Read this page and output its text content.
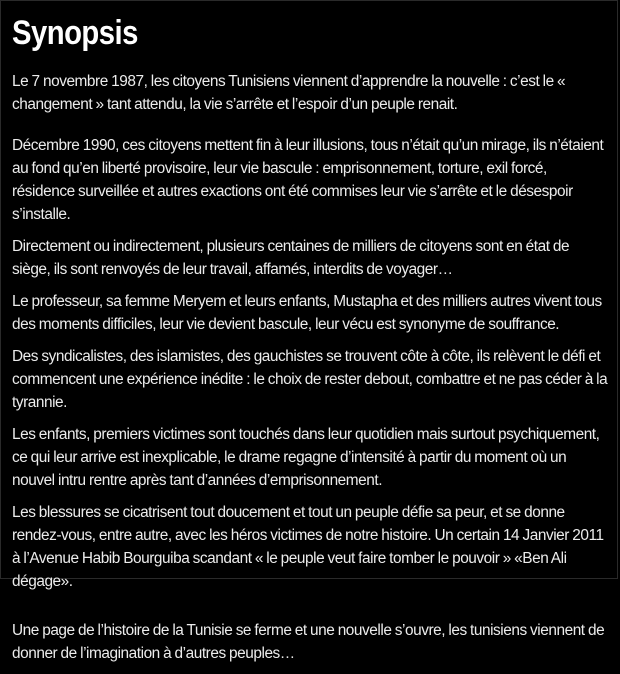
Synopsis

Le 7 novembre 1987, les citoyens Tunisiens viennent d’apprendre la nouvelle : c’est le « changement » tant attendu, la vie s’arrête et l’espoir d’un peuple renait.

Décembre 1990, ces citoyens mettent fin à leur illusions, tous n’était qu’un mirage, ils n’étaient au fond qu’en liberté provisoire, leur vie bascule : emprisonnement, torture, exil forcé, résidence surveillée et autres exactions ont été commises leur vie s’arrête et le désespoir s’installe.

Directement ou indirectement, plusieurs centaines de milliers de citoyens sont en état de siège, ils sont renvoyés de leur travail, affamés, interdits de voyager…

Le professeur, sa femme Meryem et leurs enfants, Mustapha et des milliers autres vivent tous des moments difficiles, leur vie devient bascule, leur vécu est synonyme de souffrance.

Des syndicalistes, des islamistes, des gauchistes se trouvent côte à côte, ils relèvent le défi et commencent une expérience inédite : le choix de rester debout, combattre et ne pas céder à la tyrannie.

Les enfants, premiers victimes sont touchés dans leur quotidien mais surtout psychiquement, ce qui leur arrive est inexplicable, le drame regagne d’intensité à partir du moment où un nouvel intru rentre après tant d’années d’emprisonnement.

Les blessures se cicatrisent tout doucement et tout un peuple défie sa peur, et se donne rendez-vous, entre autre, avec les héros victimes de notre histoire. Un certain 14 Janvier 2011 à l’Avenue Habib Bourguiba scandant « le peuple veut faire tomber le pouvoir » «Ben Ali dégage».

Une page de l’histoire de la Tunisie se ferme et une nouvelle s’ouvre, les tunisiens viennent de donner de l’imagination à d’autres peuples…
